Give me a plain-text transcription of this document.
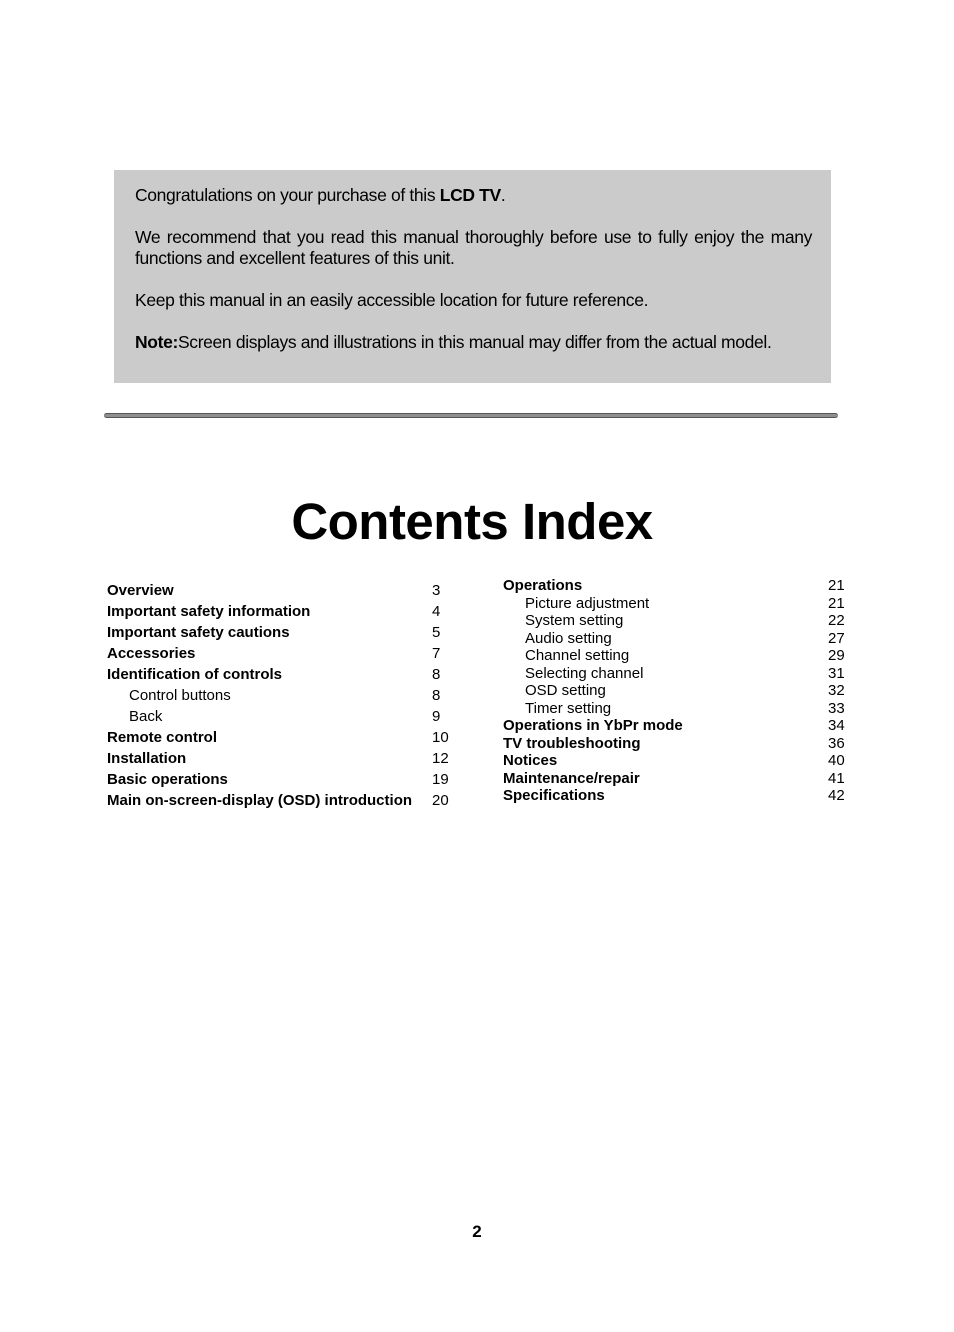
Congratulations on your purchase of this LCD TV.

We recommend that you read this manual thoroughly before use to fully enjoy the many functions and excellent features of this unit.

Keep this manual in an easily accessible location for future reference.

Note:Screen displays and illustrations in this manual may differ from the actual model.

Contents Index
Overview	3
Important safety information	4
Important safety cautions	5
Accessories	7
Identification of controls	8
Control buttons	8
Back	9
Remote control	10
Installation	12
Basic operations	19
Main on-screen-display (OSD) introduction 20
Operations	21
Picture adjustment	21
System setting	22
Audio setting	27
Channel setting	29
Selecting channel	31
OSD setting	32
Timer setting	33
Operations in YbPr mode	34
TV troubleshooting	36
Notices	40
Maintenance/repair	41
Specifications	42
2
